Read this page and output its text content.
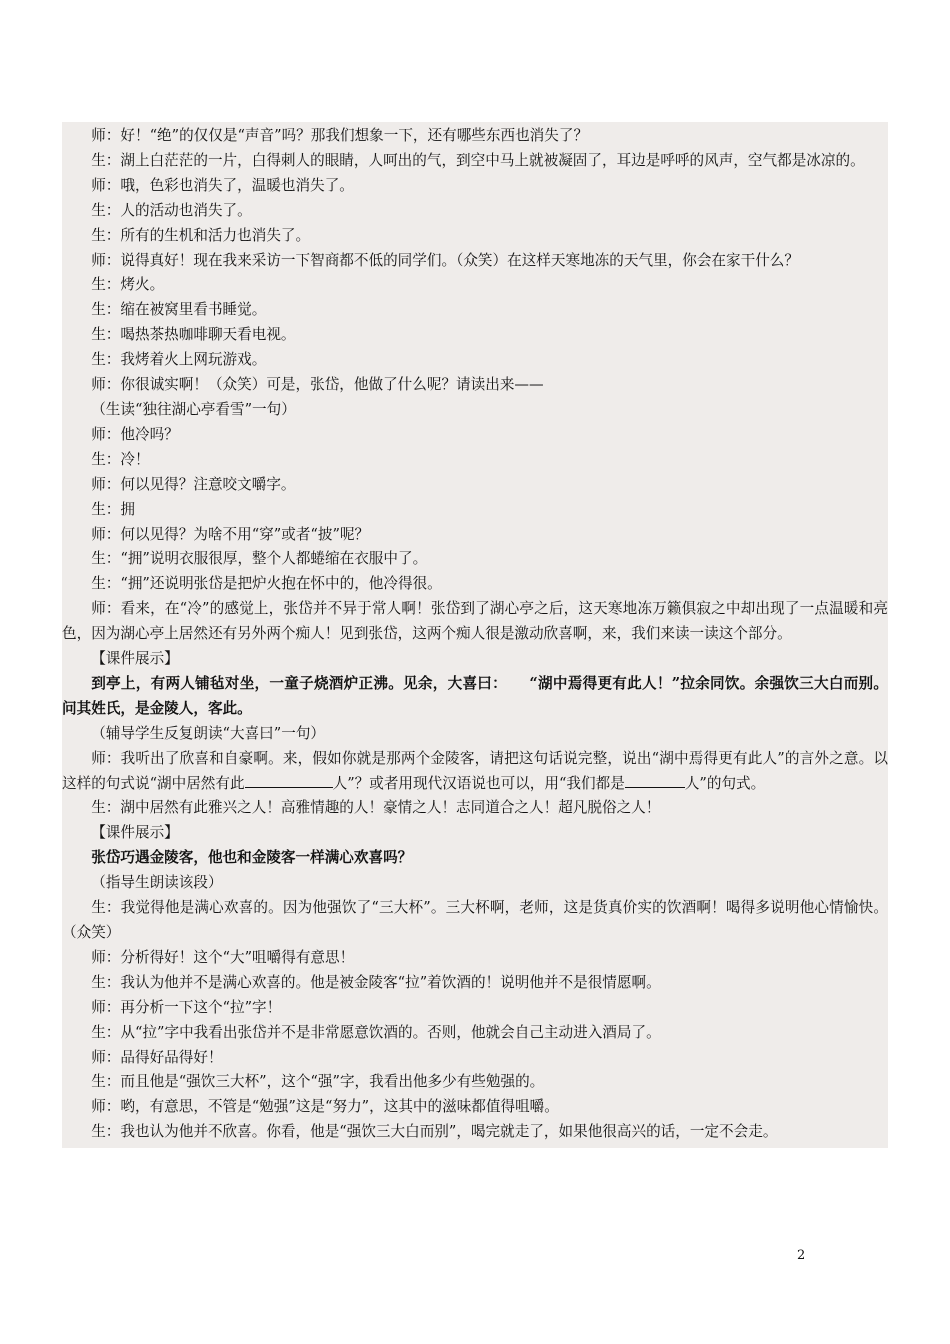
师：好！“绝”的仅仅是“声音”吗？那我们想象一下，还有哪些东西也消失了？

生：湖上白茫茫的一片，白得刺人的眼睛，人呵出的气，到空中马上就被凝固了，耳边是呼呼的风声，空气都是冰凉的。

师：哦，色彩也消失了，温暖也消失了。

生：人的活动也消失了。

生：所有的生机和活力也消失了。

师：说得真好！现在我来采访一下智商都不低的同学们。（众笑）在这样天寒地冻的天气里，你会在家干什么？

生：烤火。

生：缩在被窝里看书睡觉。

生：喝热茶热咖啡聊天看电视。

生：我烤着火上网玩游戏。

师：你很诚实啊！（众笑）可是，张岱，他做了什么呢？请读出来——

（生读“独往湖心亭看雪”一句）

师：他冷吗？

生：冷！

师：何以见得？注意咬文嚼字。

生：拥

师：何以见得？为啥不用“穿”或者“披”呢？

生：“拥”说明衣服很厚，整个人都蜷缩在衣服中了。

生：“拥”还说明张岱是把炉火抱在怀中的，他冷得很。

师：看来，在“冷”的感觉上，张岱并不异于常人啊！张岱到了湖心亭之后，这天寒地冻万籁俱寂之中却出现了一点温暖和亮色，因为湖心亭上居然还有另外两个痴人！见到张岱，这两个痴人很是激动欣喜啊，来，我们来读一读这个部分。

【课件展示】

到亭上，有两人铺毡对坐，一童子烧酒炉正沸。见余，大喜曰：　　“湖中焉得更有此人！”拉余同饮。余强饮三大白而别。问其姓氏，是金陵人，客此。

（辅导学生反复朗读“大喜曰”一句）

师：我听出了欣喜和自豪啊。来，假如你就是那两个金陵客，请把这句话说完整，说出“湖中焉得更有此人”的言外之意。以这样的句式说“湖中居然有此	人”？或者用现代汉语说也可以，用“我们都是	人”的句式。

生：湖中居然有此雅兴之人！高雅情趣的人！豪情之人！志同道合之人！超凡脱俗之人！

【课件展示】

张岱巧遇金陵客，他也和金陵客一样满心欢喜吗？

（指导生朗读该段）

生：我觉得他是满心欢喜的。因为他强饮了“三大杯”。三大杯啊，老师，这是货真价实的饮酒啊！喝得多说明他心情愉快。（众笑）

师：分析得好！这个“大”咀嚼得有意思！

生：我认为他并不是满心欢喜的。他是被金陵客“拉”着饮酒的！说明他并不是很情愿啊。

师：再分析一下这个“拉”字！

生：从“拉”字中我看出张岱并不是非常愿意饮酒的。否则，他就会自己主动进入酒局了。

师：品得好品得好！

生：而且他是“强饮三大杯”，这个“强”字，我看出他多少有些勉强的。

师：哟，有意思，不管是“勉强”这是“努力”，这其中的滋味都值得咀嚼。

生：我也认为他并不欣喜。你看，他是“强饮三大白而别”，喝完就走了，如果他很高兴的话，一定不会走。

2
